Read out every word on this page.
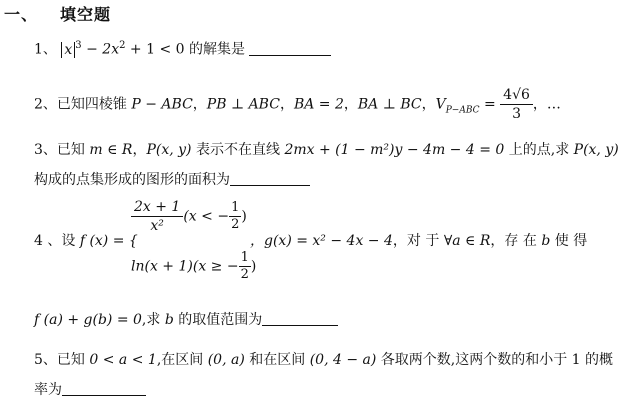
一、 填空题
1、 x $^3 - 2x^2 + 1 < 0$ 的解集是
2、已知四棱锥 P − ABC，PB ⊥ ABC，BA = 2，BA ⊥ BC，$V_{P-ABC} = \frac{4√6}{3}$ ，…
3、已知 m ∈ R，P(x, y) 表示不在直线 2mx + (1 − m²)y − 4m − 4 = 0 上的点,求 P(x, y)
构成的点集形成的图形的面积为
4 、设 f (x) = {
$\frac{2x + 1}{\text{x²}} (x$ < − $\frac{1}{2}$ )
ln(x + 1)(x ≥ − $\frac{1}{2}$ )
，g(x) = x² − 4x − 4，对 于 ∀a ∈ R，存 在 b 使 得
f (a) + g(b) = 0,求 b 的取值范围为
5、已知 0 < a < 1,在区间 (0, a) 和在区间 (0, 4 − a) 各取两个数,这两个数的和小于 1 的概
率为
